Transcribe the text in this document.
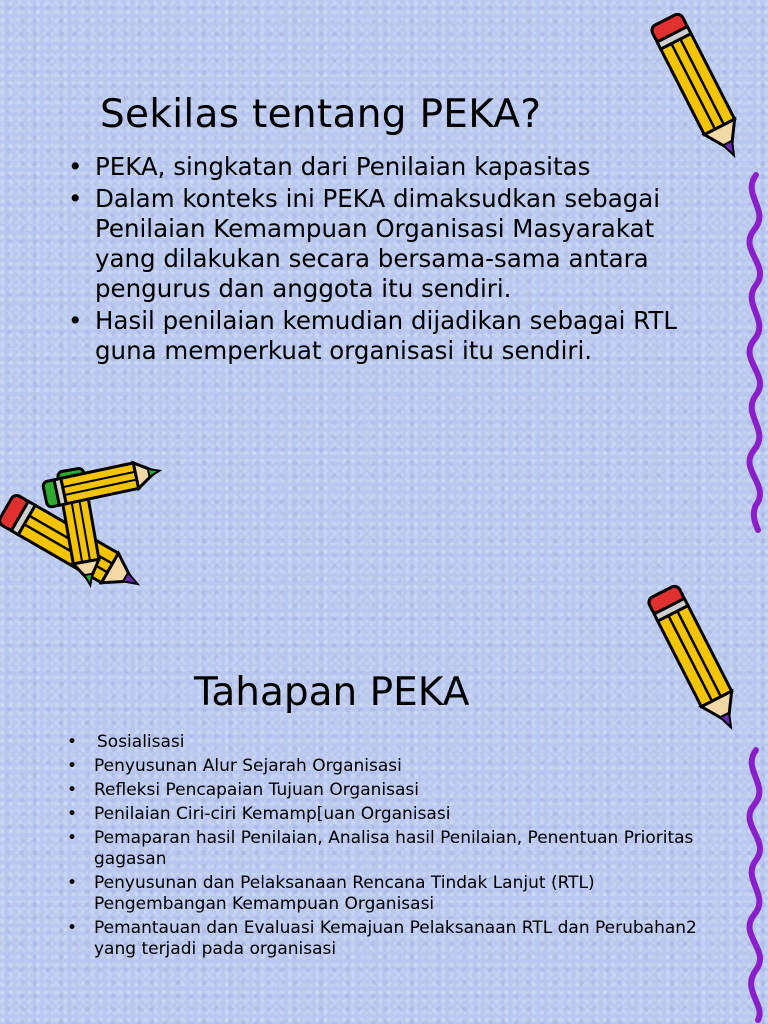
Sekilas tentang PEKA?
• PEKA, singkatan dari Penilaian kapasitas
• Dalam konteks ini PEKA dimaksudkan sebagai Penilaian Kemampuan Organisasi Masyarakat yang dilakukan secara bersama-sama antara pengurus dan anggota itu sendiri.
• Hasil penilaian kemudian dijadikan sebagai RTL guna memperkuat organisasi itu sendiri.
Tahapan PEKA
• Sosialisasi
• Penyusunan Alur Sejarah Organisasi
• Refleksi Pencapaian Tujuan Organisasi
• Penilaian Ciri-ciri Kemamp[uan Organisasi
• Pemaparan hasil Penilaian, Analisa hasil Penilaian, Penentuan Prioritas gagasan
• Penyusunan dan Pelaksanaan Rencana Tindak Lanjut (RTL) Pengembangan Kemampuan Organisasi
• Pemantauan dan Evaluasi Kemajuan Pelaksanaan RTL dan Perubahan2 yang terjadi pada organisasi
